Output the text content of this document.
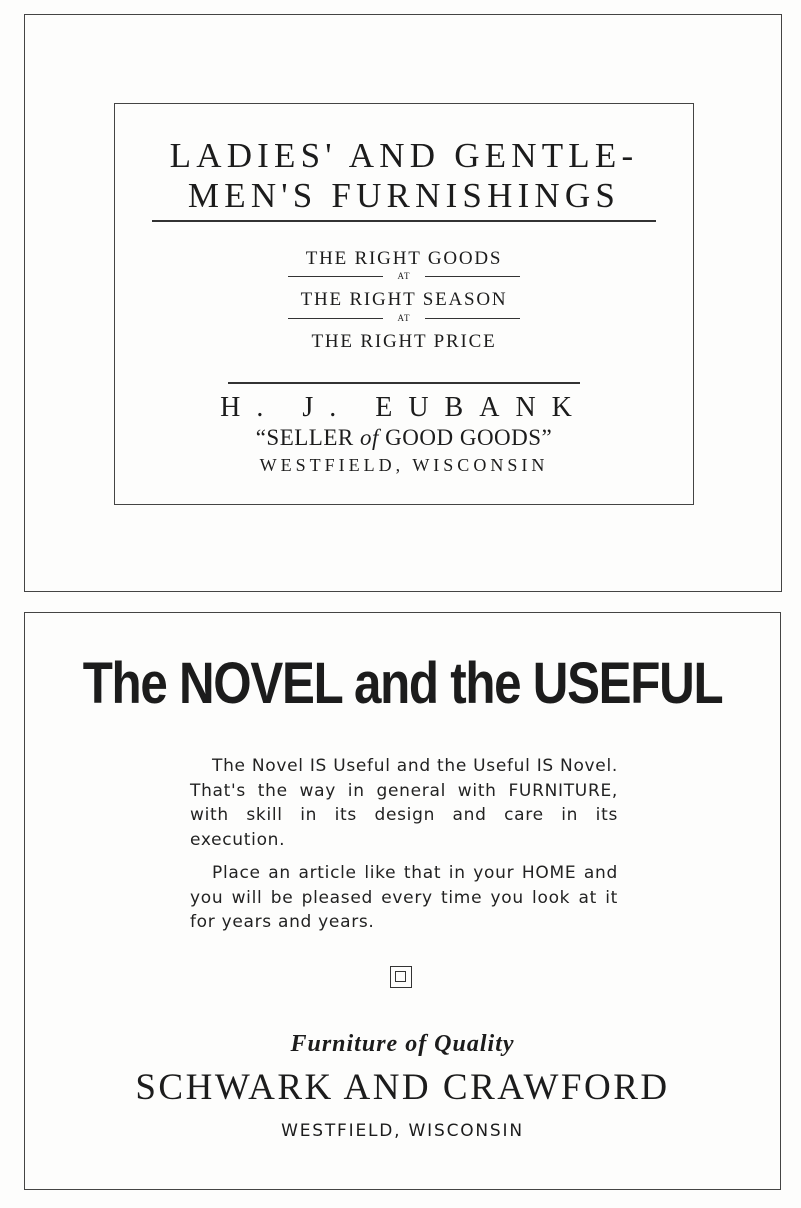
LADIES' AND GENTLE-
MEN'S FURNISHINGS
THE RIGHT GOODS
AT
THE RIGHT SEASON
AT
THE RIGHT PRICE
H. J. EUBANK
“SELLER of GOOD GOODS”
WESTFIELD, WISCONSIN
The NOVEL and the USEFUL

The Novel IS Useful and the Useful IS Novel. That's the way in general with FURNITURE, with skill in its design and care in its execution.

Place an article like that in your HOME and you will be pleased every time you look at it for years and years.

Furniture of Quality
SCHWARK AND CRAWFORD
WESTFIELD, WISCONSIN
